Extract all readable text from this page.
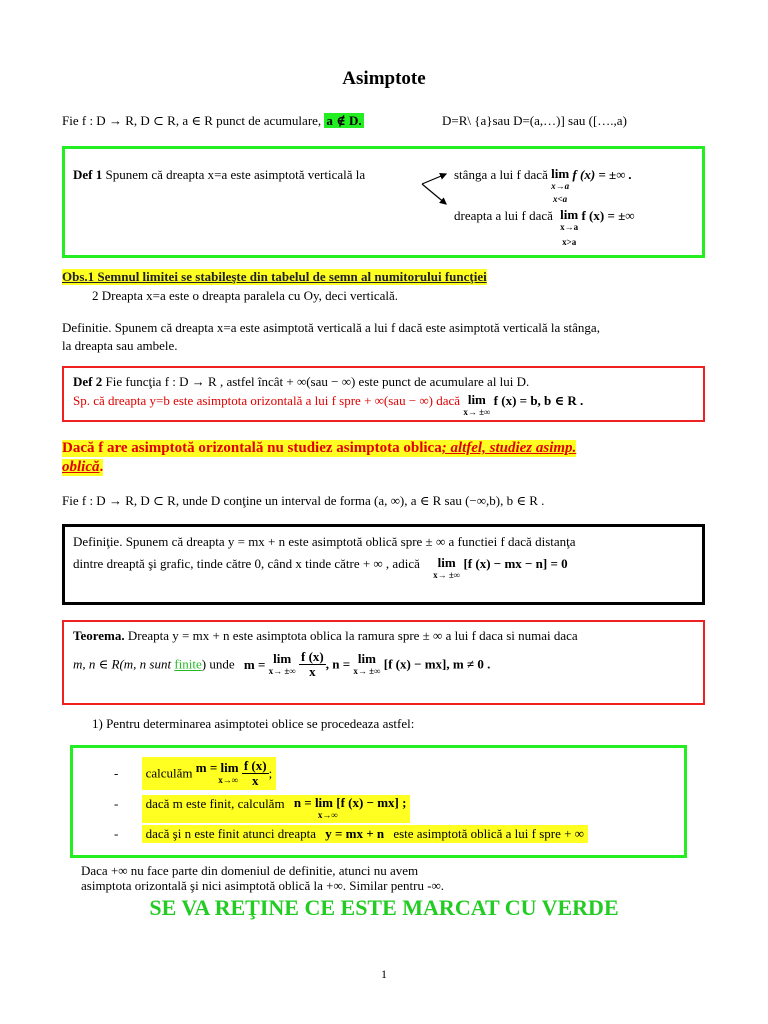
Asimptote
Fie f : D → R, D ⊂ R, a ∈ R punct de acumulare, a ∉ D.	D=R\ {a}sau D=(a,…)] sau ([….,a)
Def 1 Spunem că dreapta x=a este asimptotă verticală la	stânga a lui f dacă lim
x→a
x<a
f (x) = ±∞ .
dreapta a lui f dacă lim
x→a
x>a
f (x) = ±∞
Obs.1 Semnul limitei se stabileşte din tabelul de semn al numitorului funcţiei
2 Dreapta x=a este o dreapta paralela cu Oy, deci verticală.
Definitie. Spunem că dreapta x=a este asimptotă verticală a lui f dacă este asimptotă verticală la stânga,
la dreapta sau ambele.
Def 2 Fie funcţia f : D → R , astfel încât + ∞(sau − ∞) este punct de acumulare al lui D.
Sp. că dreapta y=b este asimptota orizontală a lui f spre + ∞(sau − ∞) dacă lim
x→ ±∞
f (x) = b, b ∈ R .
Dacă f are asimptotă orizontală nu studiez asimptota oblica; altfel, studiez asimp.
oblică.
Fie f : D → R, D ⊂ R, unde D conţine un interval de forma (a, ∞), a ∈ R sau (−∞,b), b ∈ R .
Definiţie. Spunem că dreapta y = mx + n este asimptotă oblică spre ± ∞ a functiei f dacă distanţa
dintre dreaptă şi grafic, tinde către 0, când x tinde către + ∞ , adică lim
x→ ±∞
[f (x) − mx − n] = 0
Teorema. Dreapta y = mx + n este asimptota oblica la ramura spre ± ∞ a lui f daca si numai daca
m, n ∈ R(m, n sunt finite) unde m = lim
x→ ±∞
$\frac{f (x)}{x}$ , n = lim
x→ ±∞ [f (x) − mx], m ≠ 0 .
1) Pentru determinarea asimptotei oblice se procedeaza astfel:
- calculăm m = lim
x→∞
$\frac{f (x)}{x}$ ;
- dacă m este finit, calculăm n = lim [f (x) − mx] ;
x→∞
- dacă şi n este finit atunci dreapta y = mx + n este asimptotă oblică a lui f spre + ∞
Daca +∞ nu face parte din domeniul de definitie, atunci nu avem
asimptota orizontală şi nici asimptotă oblică la +∞. Similar pentru -∞.
SE VA REŢINE CE ESTE MARCAT CU VERDE
1
